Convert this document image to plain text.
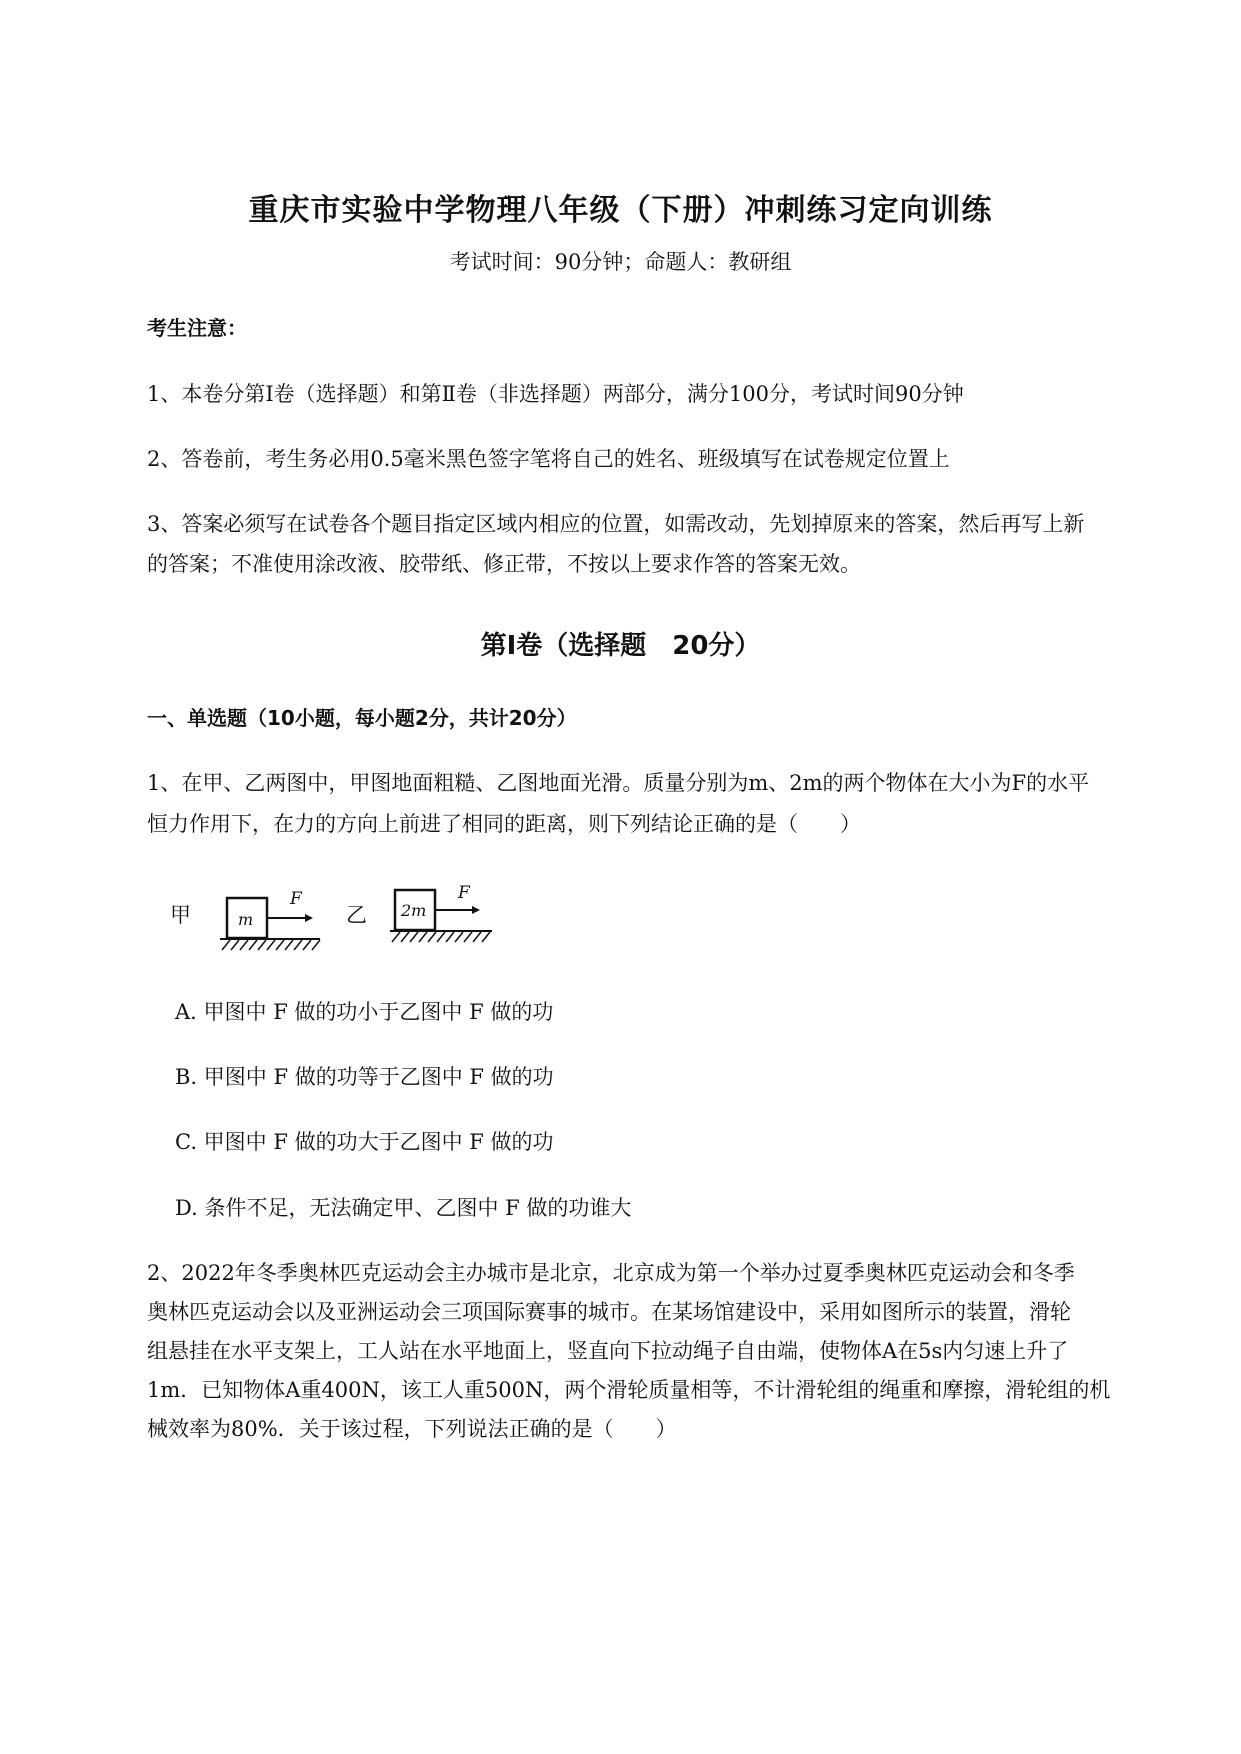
重庆市实验中学物理八年级（下册）冲刺练习定向训练
考试时间：90分钟；命题人：教研组
考生注意：
1、本卷分第Ⅰ卷（选择题）和第Ⅱ卷（非选择题）两部分，满分100分，考试时间90分钟
2、答卷前，考生务必用0.5毫米黑色签字笔将自己的姓名、班级填写在试卷规定位置上
3、答案必须写在试卷各个题目指定区域内相应的位置，如需改动，先划掉原来的答案，然后再写上新
的答案；不准使用涂改液、胶带纸、修正带，不按以上要求作答的答案无效。
第Ⅰ卷（选择题　20分）
一、单选题（10小题，每小题2分，共计20分）
1、在甲、乙两图中，甲图地面粗糙、乙图地面光滑。质量分别为m、2m的两个物体在大小为F的水平
恒力作用下，在力的方向上前进了相同的距离，则下列结论正确的是（　　）
甲	乙
m
F
2m
F
A. 甲图中 F 做的功小于乙图中 F 做的功
B. 甲图中 F 做的功等于乙图中 F 做的功
C. 甲图中 F 做的功大于乙图中 F 做的功
D. 条件不足，无法确定甲、乙图中 F 做的功谁大
2、2022年冬季奥林匹克运动会主办城市是北京，北京成为第一个举办过夏季奥林匹克运动会和冬季
奥林匹克运动会以及亚洲运动会三项国际赛事的城市。在某场馆建设中，采用如图所示的装置，滑轮
组悬挂在水平支架上，工人站在水平地面上，竖直向下拉动绳子自由端，使物体A在5s内匀速上升了
1m．已知物体A重400N，该工人重500N，两个滑轮质量相等，不计滑轮组的绳重和摩擦，滑轮组的机
械效率为80%．关于该过程，下列说法正确的是（　　）
